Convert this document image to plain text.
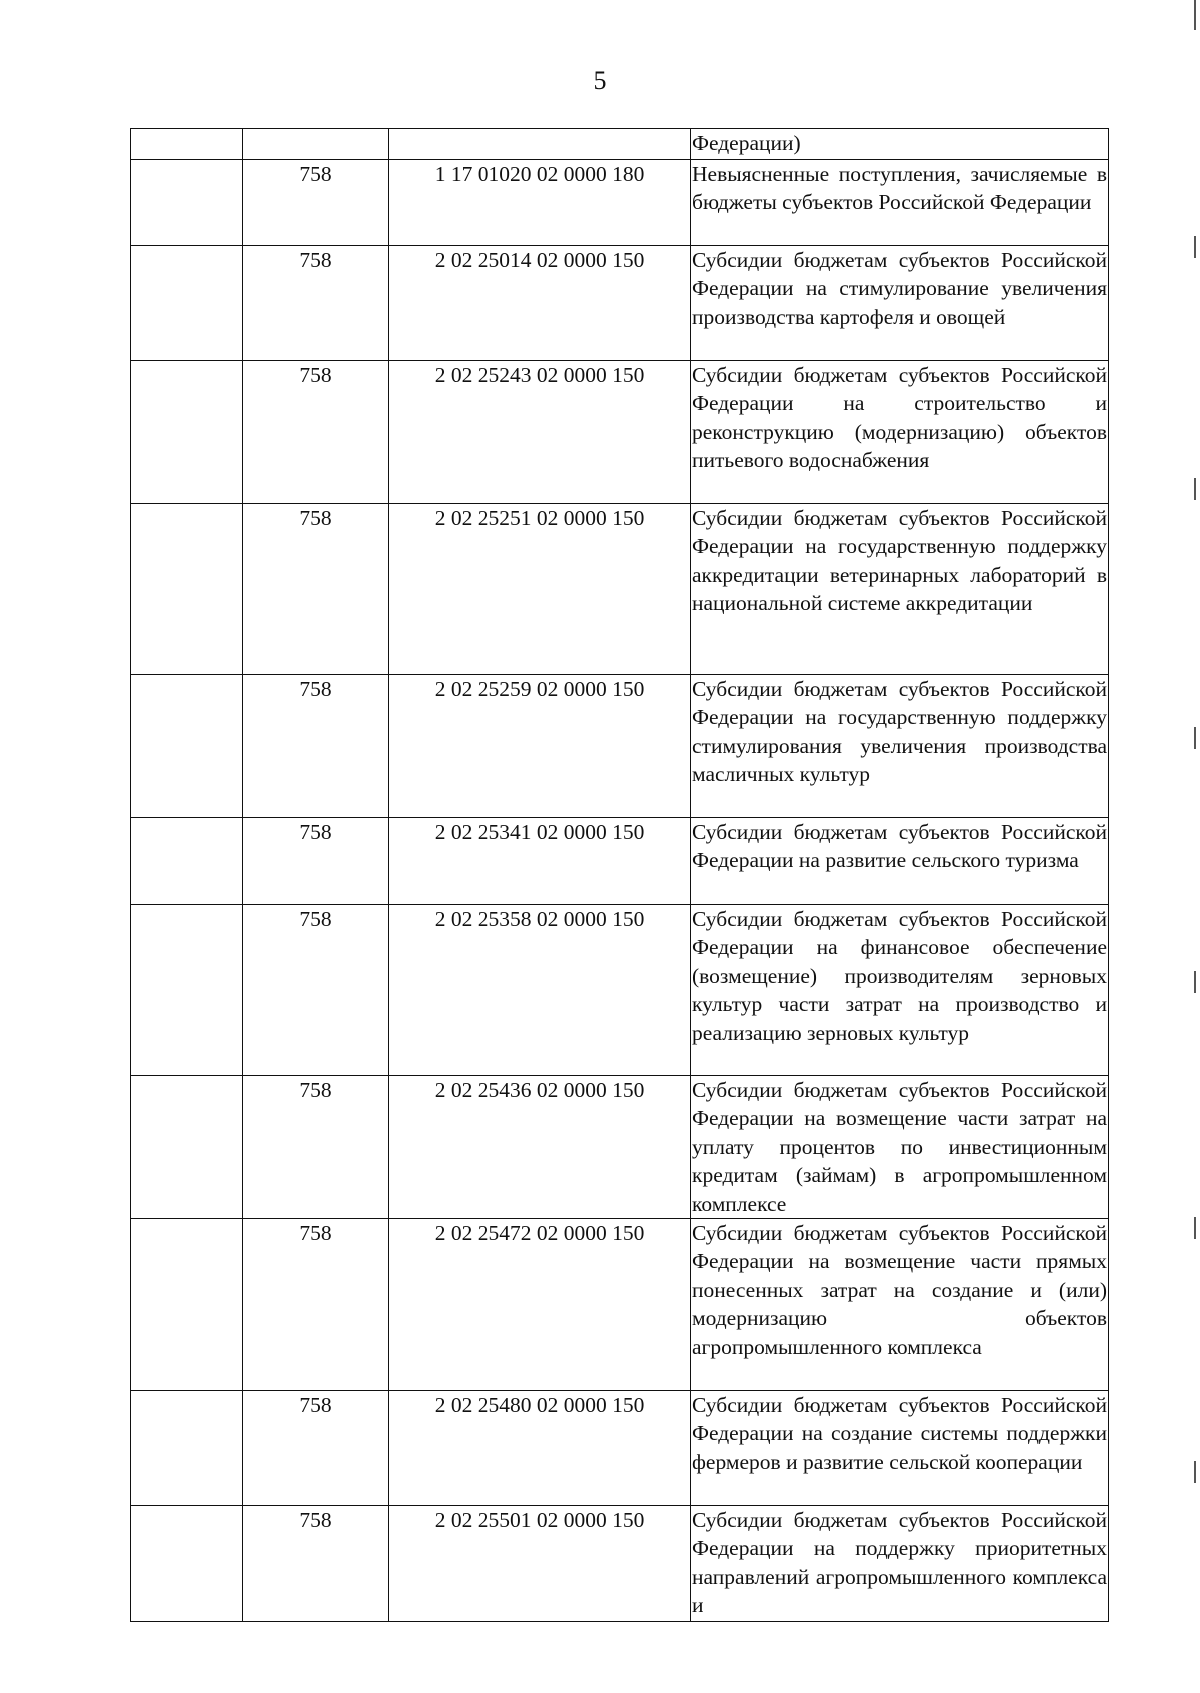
5
			Федерации)
	758	1 17 01020 02 0000 180	Невыясненные поступления, зачисляемые в бюджеты субъектов Российской Федерации
	758	2 02 25014 02 0000 150	Субсидии бюджетам субъектов Российской Федерации на стимулирование увеличения производства картофеля и овощей
	758	2 02 25243 02 0000 150	Субсидии бюджетам субъектов Российской Федерации на строительство и реконструкцию (модернизацию) объектов питьевого водоснабжения
	758	2 02 25251 02 0000 150	Субсидии бюджетам субъектов Российской Федерации на государственную поддержку аккредитации ветеринарных лабораторий в национальной системе аккредитации
	758	2 02 25259 02 0000 150	Субсидии бюджетам субъектов Российской Федерации на государственную поддержку стимулирования увеличения производства масличных культур
	758	2 02 25341 02 0000 150	Субсидии бюджетам субъектов Российской Федерации на развитие сельского туризма
	758	2 02 25358 02 0000 150	Субсидии бюджетам субъектов Российской Федерации на финансовое обеспечение (возмещение) производителям зерновых культур части затрат на производство и реализацию зерновых культур
	758	2 02 25436 02 0000 150	Субсидии бюджетам субъектов Российской Федерации на возмещение части затрат на уплату процентов по инвестиционным кредитам (займам) в агропромышленном комплексе
	758	2 02 25472 02 0000 150	Субсидии бюджетам субъектов Российской Федерации на возмещение части прямых понесенных затрат на создание и (или) модернизацию объектов агропромышленного комплекса
	758	2 02 25480 02 0000 150	Субсидии бюджетам субъектов Российской Федерации на создание системы поддержки фермеров и развитие сельской кооперации
	758	2 02 25501 02 0000 150	Субсидии бюджетам субъектов Российской Федерации на поддержку приоритетных направлений агропромышленного комплекса и
